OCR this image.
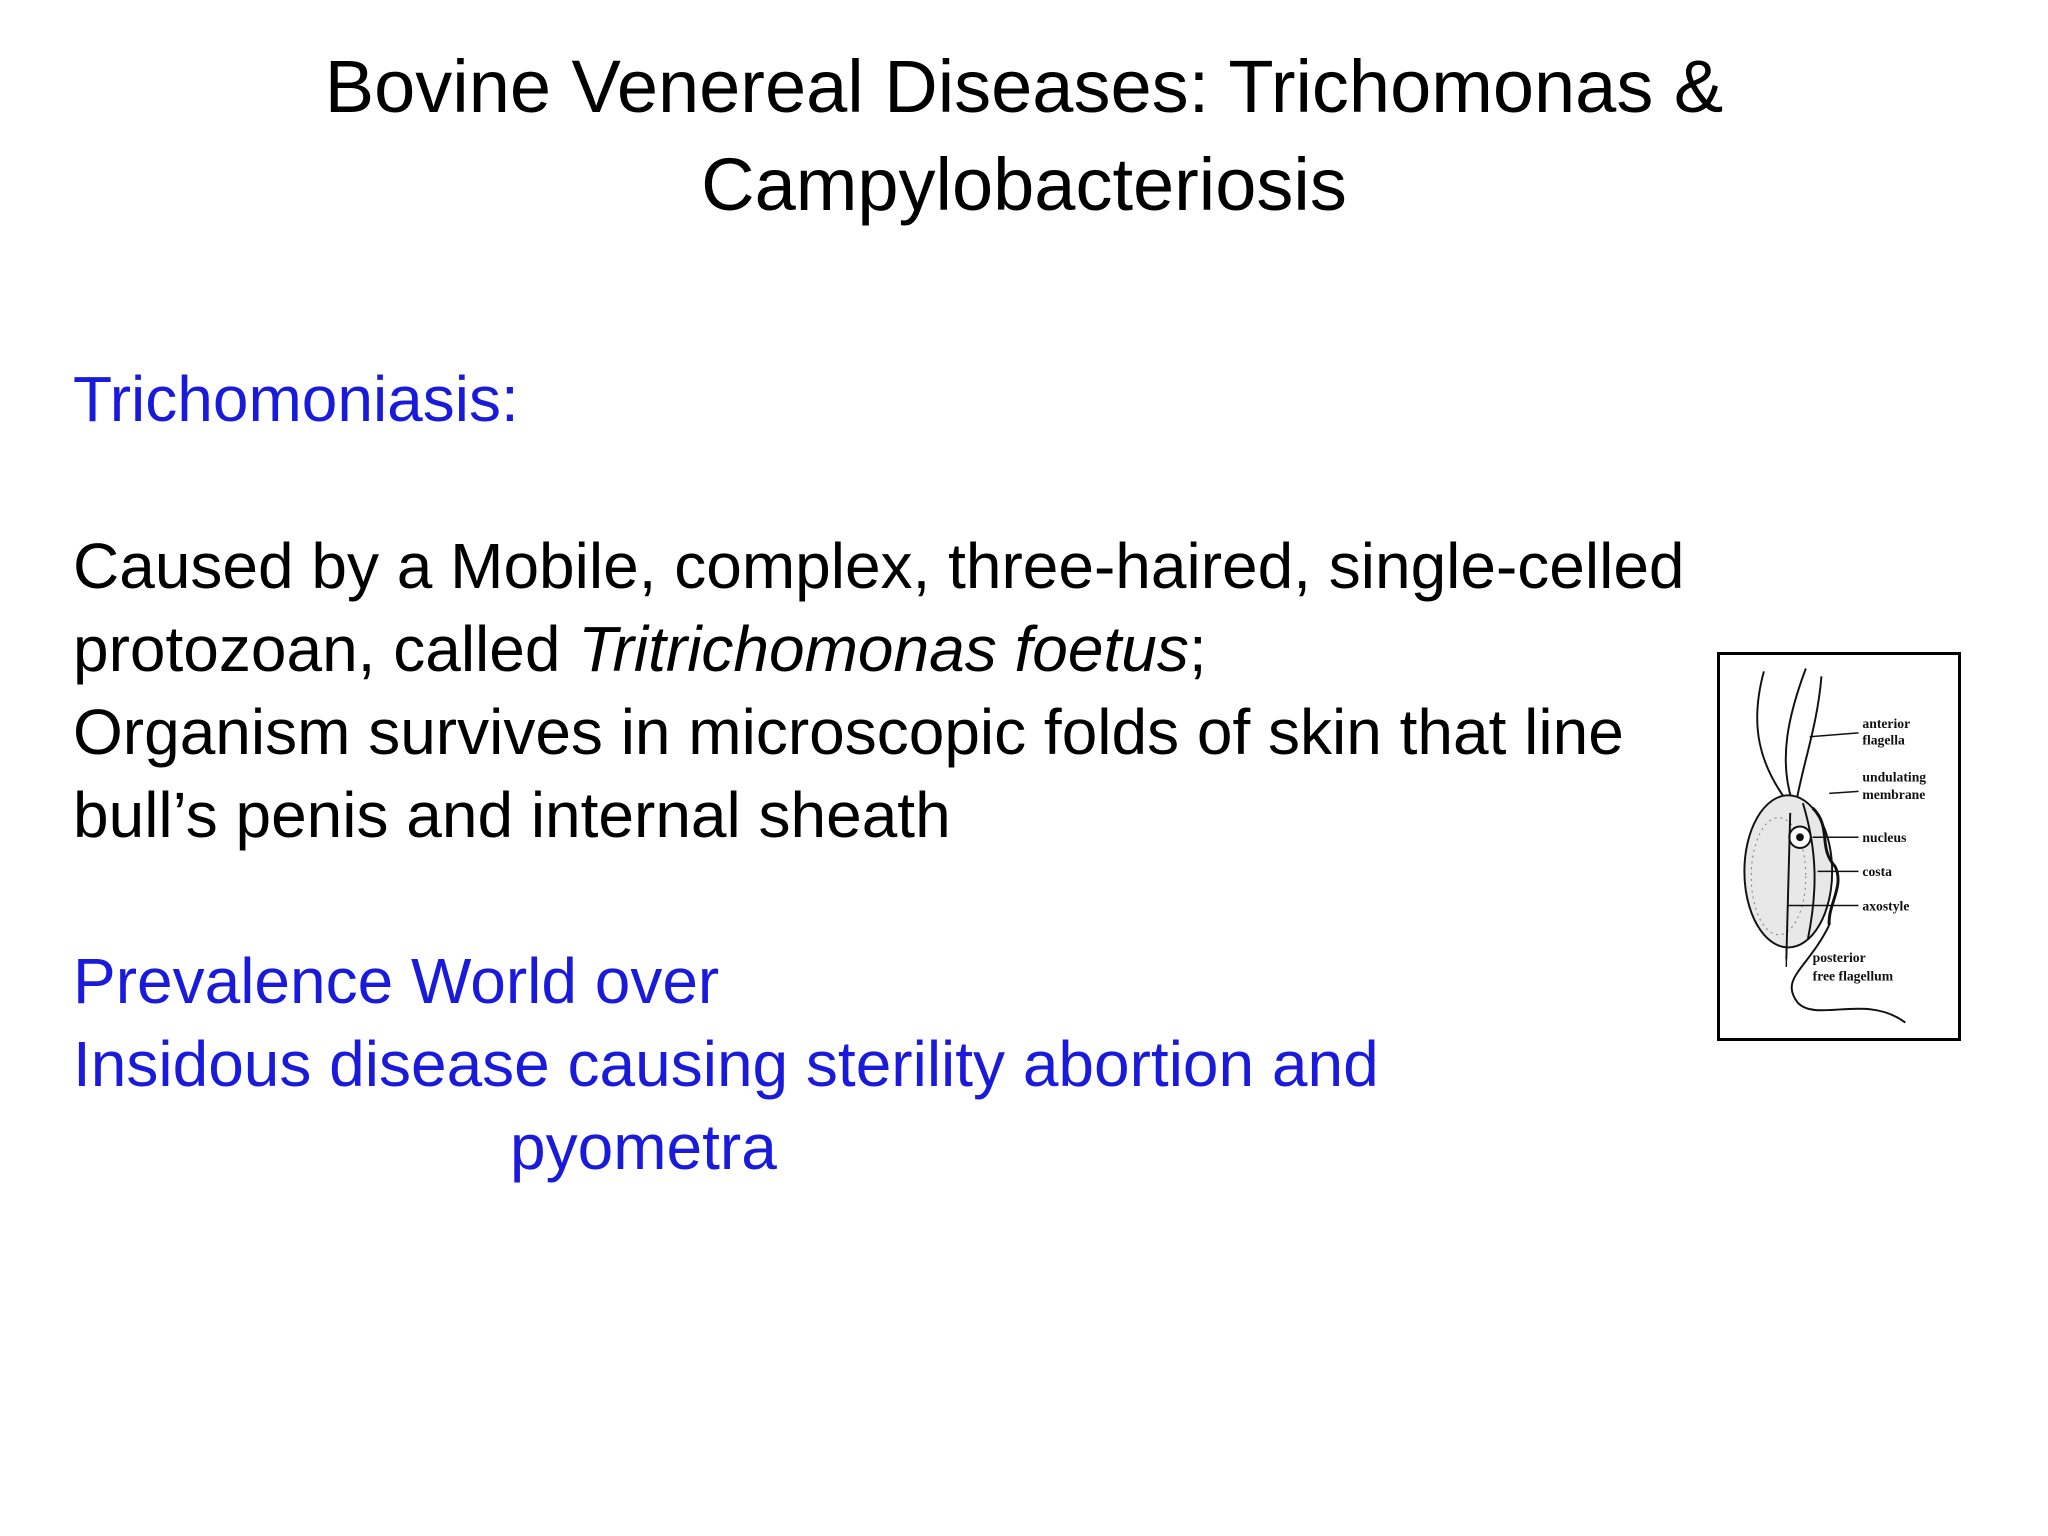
Bovine Venereal Diseases: Trichomonas &
Campylobacteriosis

Trichomoniasis:

Caused by a Mobile, complex, three-haired, single-celled
protozoan, called Tritrichomonas foetus;
Organism survives in microscopic folds of skin that line
bull’s penis and internal sheath
Prevalence World over
Insidous disease causing sterility abortion and
pyometra
anterior
flagella
undulating
membrane
nucleus
costa
axostyle
posterior
free flagellum
